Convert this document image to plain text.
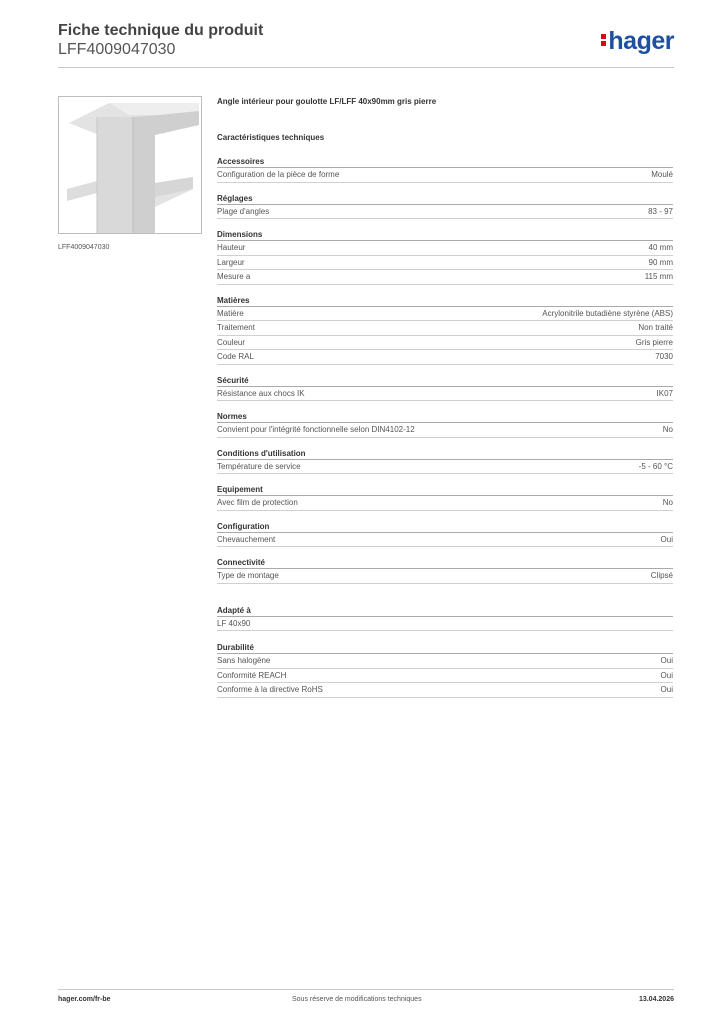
Fiche technique du produit
LFF4009047030	hager
LFF4009047030
Angle intérieur pour goulotte LF/LFF 40x90mm gris pierre
Caractéristiques techniques
Accessoires
Configuration de la pièce de forme	Moulé
Réglages
Plage d'angles	83 - 97
Dimensions
Hauteur	40 mm
Largeur	90 mm
Mesure a	115 mm
Matières
Matière	Acrylonitrile butadiène styrène (ABS)
Traitement	Non traité
Couleur	Gris pierre
Code RAL	7030
Sécurité
Résistance aux chocs IK	IK07
Normes
Convient pour l'intégrité fonctionnelle selon DIN4102-12	No
Conditions d'utilisation
Température de service	-5 - 60 °C
Equipement
Avec film de protection	No
Configuration
Chevauchement	Oui
Connectivité
Type de montage	Clipsé
Adapté à
LF 40x90
Durabilité
Sans halogène	Oui
Conformité REACH	Oui
Conforme à la directive RoHS	Oui
hager.com/fr-be	Sous réserve de modifications techniques	13.04.2026
